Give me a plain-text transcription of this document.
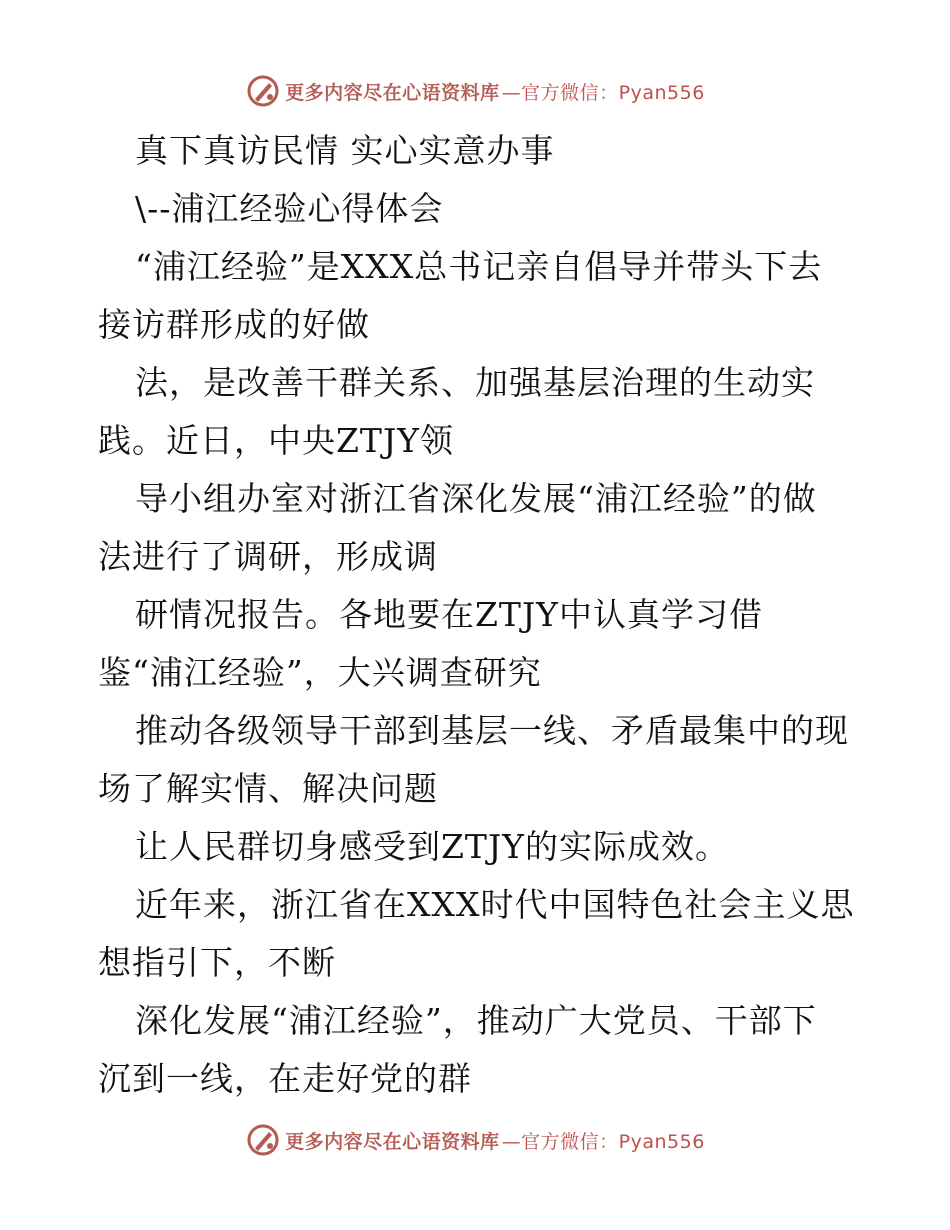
更多内容尽在心语资料库 —官方微信：Pyan556
真下真访民情 实心实意办事
\--浦江经验心得体会
“浦江经验”是XXX总书记亲自倡导并带头下去
接访群形成的好做
法，是改善干群关系、加强基层治理的生动实
践。近日，中央ZTJY领
导小组办室对浙江省深化发展“浦江经验”的做
法进行了调研，形成调
研情况报告。各地要在ZTJY中认真学习借
鉴“浦江经验”，大兴调查研究
推动各级领导干部到基层一线、矛盾最集中的现
场了解实情、解决问题
让人民群切身感受到ZTJY的实际成效。
近年来，浙江省在XXX时代中国特色社会主义思
想指引下，不断
深化发展“浦江经验”，推动广大党员、干部下
沉到一线，在走好党的群
更多内容尽在心语资料库 —官方微信：Pyan556
